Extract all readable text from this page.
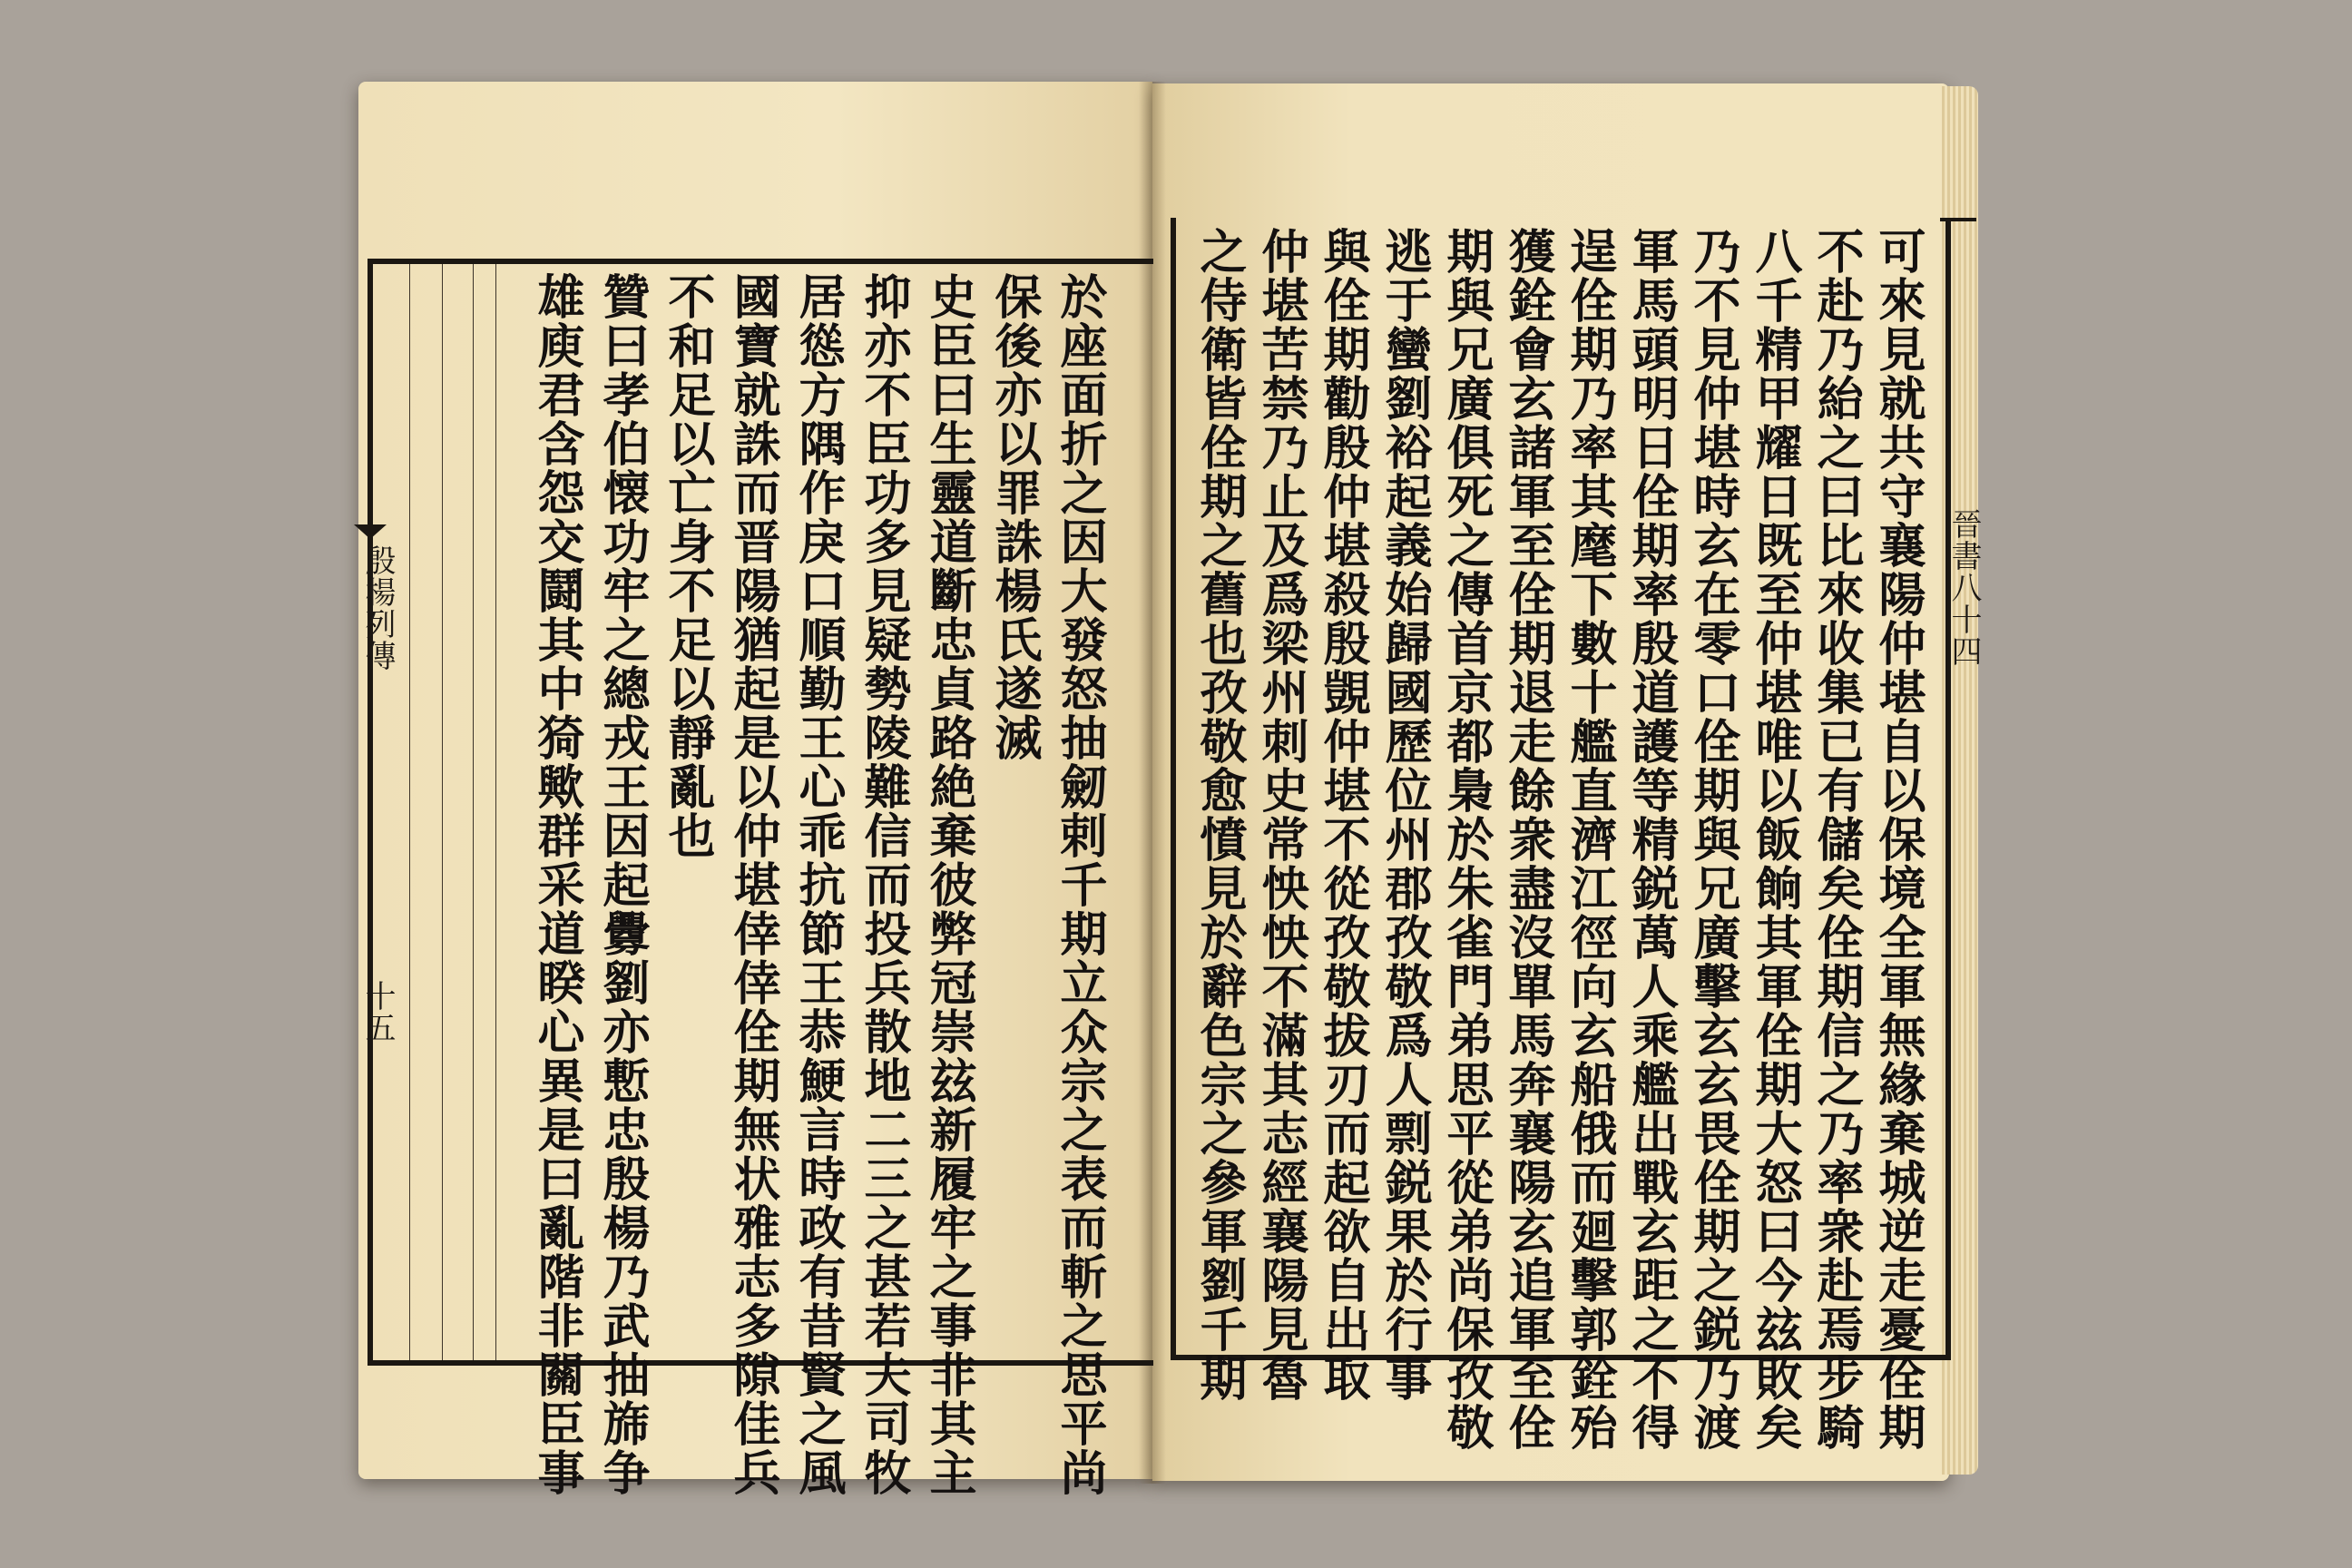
殷楊列傳
十五	於座面折之因大發怒抽劒剌千期立众宗之表而斬之思平尚
保後亦以罪誅楊氏遂滅
史臣曰生靈道斷忠貞路絶棄彼弊冠崇玆新履牢之事非其主
抑亦不臣功多見疑勢陵難信而投兵散地二三之甚若夫司牧
居慫方隅作戾口順勤王心乖抗節王恭鯁言時政有昔賢之風
國寶就誅而晋陽猶起是以仲堪倖倖佺期無状雅志多隙佳兵
不和足以亡身不足以靜亂也
贊曰孝伯懐功牢之總戎王因起釁劉亦慙忠殷楊乃武抽旆争
雄庾君含怨交鬪其中猗歟群采道睽心異是曰亂階非關臣事	晉書八十四
可來見就共守襄陽仲堪自以保境全軍無緣棄城逆走憂佺期
不赴乃紿之曰比來收集已有儲矣佺期信之乃率衆赴焉步騎
八千精甲耀日既至仲堪唯以飯餉其軍佺期大怒曰今玆敗矣
乃不見仲堪時玄在零口佺期與兄廣擊玄玄畏佺期之鋭乃渡
軍馬頭明日佺期率殷道護等精鋭萬人乘艦出戰玄距之不得
逞佺期乃率其麾下數十艦直濟江徑向玄船俄而廻擊郭銓殆
獲銓會玄諸軍至佺期退走餘衆盡沒單馬奔襄陽玄追軍至佺
期與兄廣俱死之傳首京都梟於朱雀門弟思平從弟尚保孜敬
逃于蠻劉裕起義始歸國歷位州郡孜敬爲人剽鋭果於行事
與佺期勸殷仲堪殺殷覬仲堪不從孜敬拔刃而起欲自出取
仲堪苦禁乃止及爲梁州刺史常怏怏不滿其志經襄陽見魯
之侍衛皆佺期之舊也孜敬愈憤見於辭色宗之參軍劉千期
